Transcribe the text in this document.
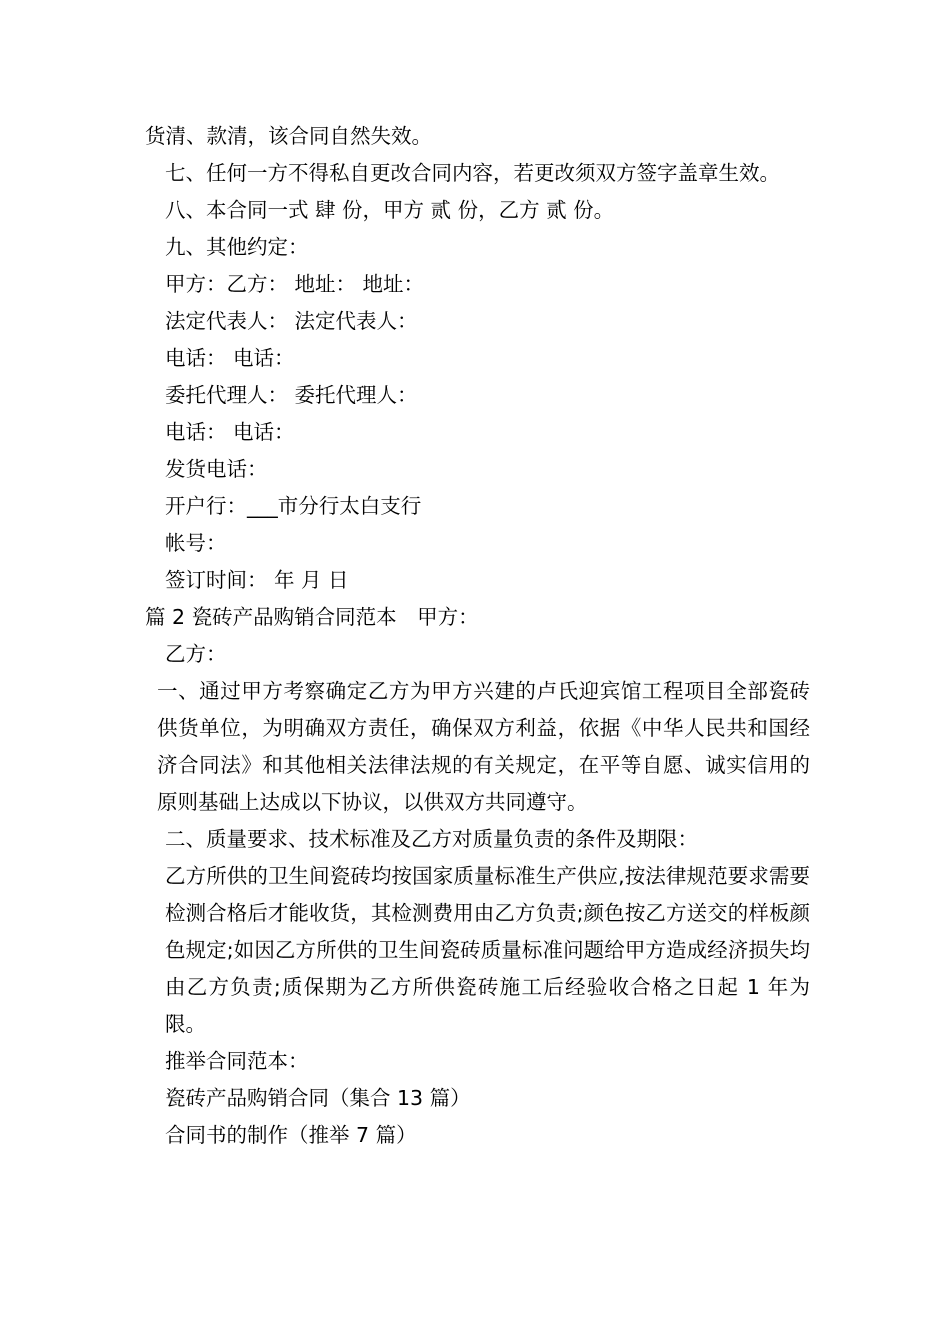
货清、款清，该合同自然失效。

七、任何一方不得私自更改合同内容，若更改须双方签字盖章生效。

八、本合同一式 肆 份，甲方 贰 份，乙方 贰 份。

九、其他约定：

甲方：乙方： 地址： 地址：

法定代表人： 法定代表人：

电话： 电话：

委托代理人： 委托代理人：

电话： 电话：

发货电话：

开户行：___市分行太白支行

帐号：

签订时间： 年 月 日

篇 2 瓷砖产品购销合同范本　甲方：

乙方：

一、通过甲方考察确定乙方为甲方兴建的卢氏迎宾馆工程项目全部瓷砖供货单位，为明确双方责任，确保双方利益，依据《中华人民共和国经济合同法》和其他相关法律法规的有关规定，在平等自愿、诚实信用的原则基础上达成以下协议，以供双方共同遵守。

二、质量要求、技术标准及乙方对质量负责的条件及期限：

乙方所供的卫生间瓷砖均按国家质量标准生产供应,按法律规范要求需要检测合格后才能收货，其检测费用由乙方负责;颜色按乙方送交的样板颜色规定;如因乙方所供的卫生间瓷砖质量标准问题给甲方造成经济损失均由乙方负责;质保期为乙方所供瓷砖施工后经验收合格之日起 1 年为限。

推举合同范本：

瓷砖产品购销合同（集合 13 篇）

合同书的制作（推举 7 篇）
